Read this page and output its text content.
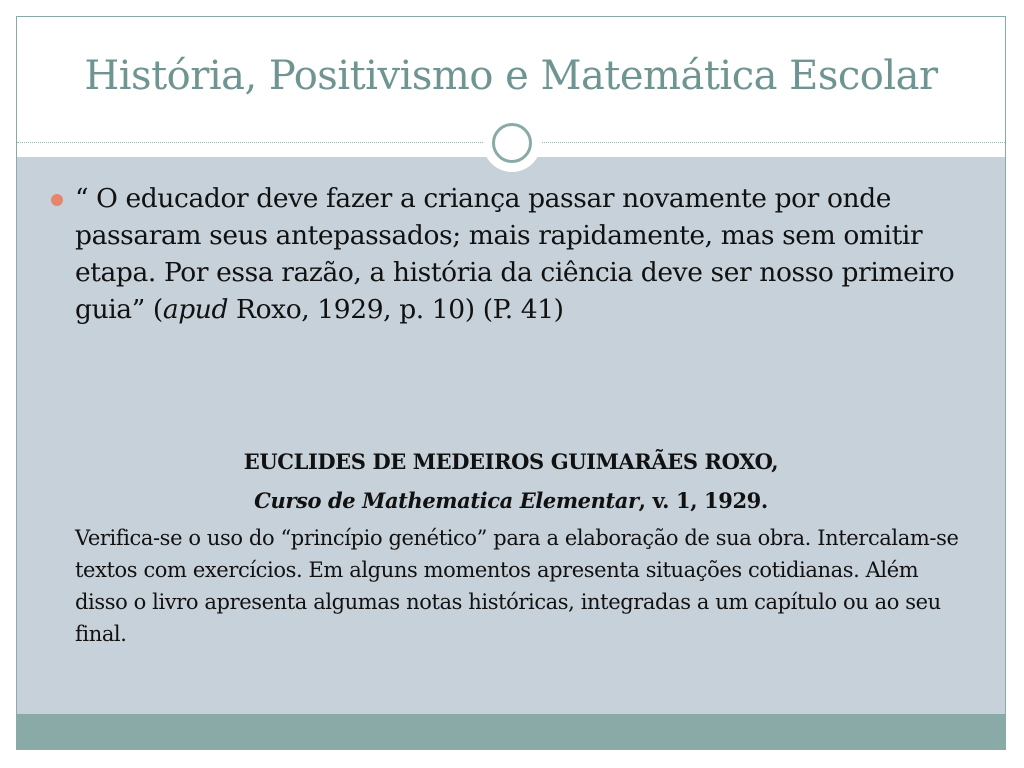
História, Positivismo e Matemática Escolar

“ O educador deve fazer a criança passar novamente por onde passaram seus antepassados; mais rapidamente, mas sem omitir etapa. Por essa razão, a história da ciência deve ser nosso primeiro guia” (apud Roxo, 1929, p. 10) (P. 41)

EUCLIDES DE MEDEIROS GUIMARÃES ROXO,
Curso de Mathematica Elementar, v. 1, 1929.

Verifica-se o uso do “princípio genético” para a elaboração de sua obra. Intercalam-se textos com exercícios. Em alguns momentos apresenta situações cotidianas. Além disso o livro apresenta algumas notas históricas, integradas a um capítulo ou ao seu final.
